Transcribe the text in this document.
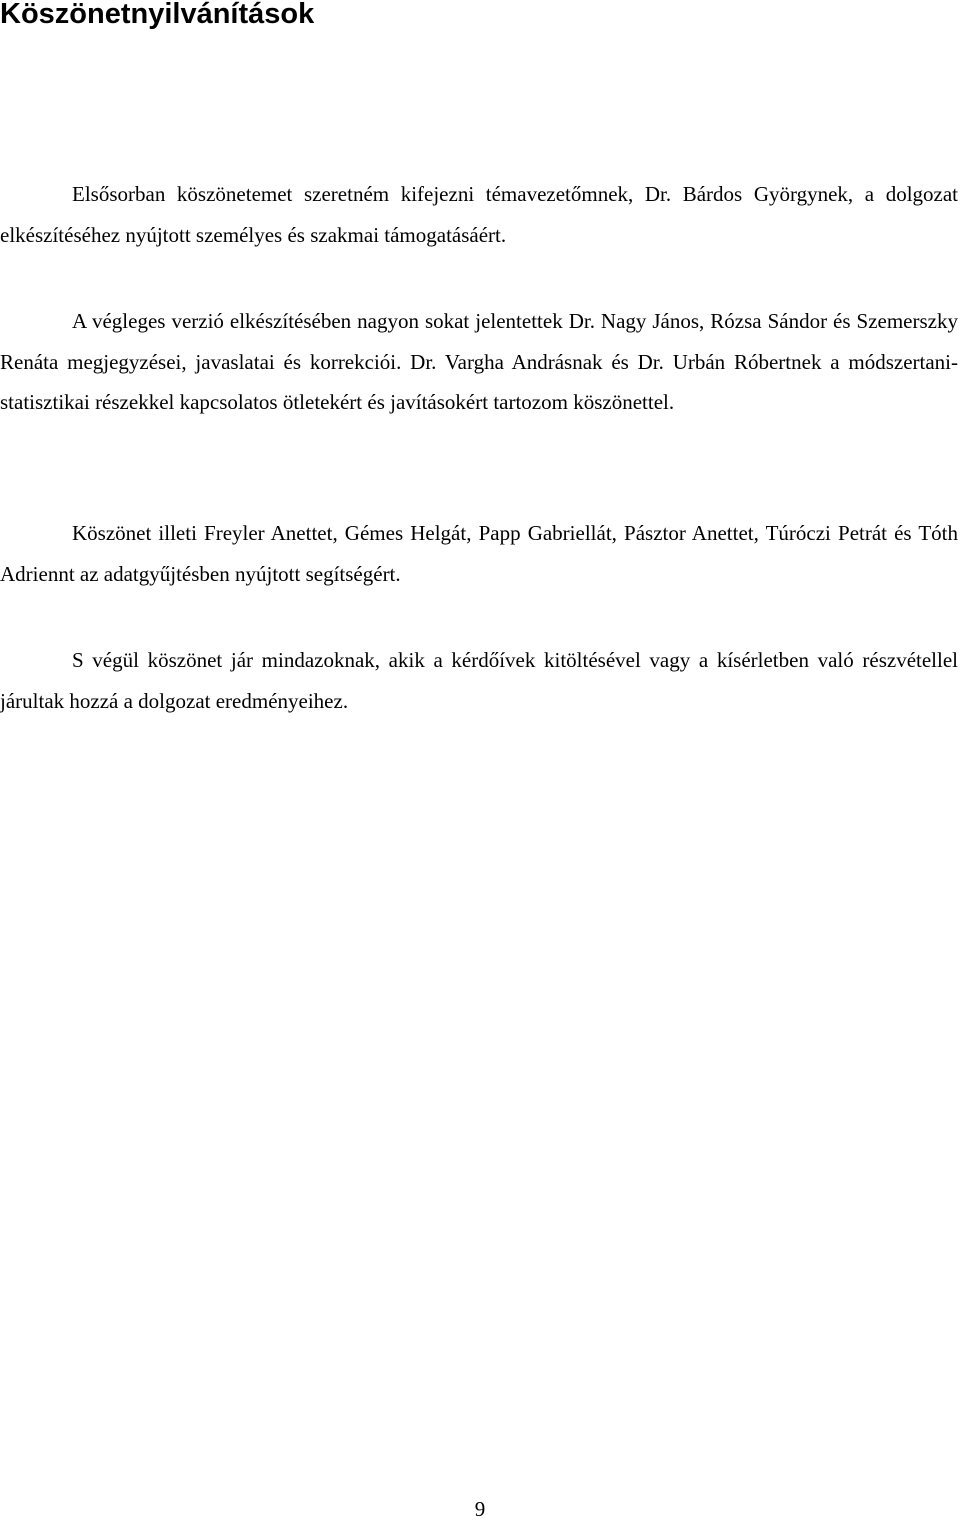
Köszönetnyilvánítások

Elsősorban köszönetemet szeretném kifejezni témavezetőmnek, Dr. Bárdos Györgynek, a dolgozat elkészítéséhez nyújtott személyes és szakmai támogatásáért.

A végleges verzió elkészítésében nagyon sokat jelentettek Dr. Nagy János, Rózsa Sándor és Szemerszky Renáta megjegyzései, javaslatai és korrekciói. Dr. Vargha Andrásnak és Dr. Urbán Róbertnek a módszertani-statisztikai részekkel kapcsolatos ötletekért és javításokért tartozom köszönettel.

Köszönet illeti Freyler Anettet, Gémes Helgát, Papp Gabriellát, Pásztor Anettet, Túróczi Petrát és Tóth Adriennt az adatgyűjtésben nyújtott segítségért.

S végül köszönet jár mindazoknak, akik a kérdőívek kitöltésével vagy a kísérletben való részvétellel járultak hozzá a dolgozat eredményeihez.

9
